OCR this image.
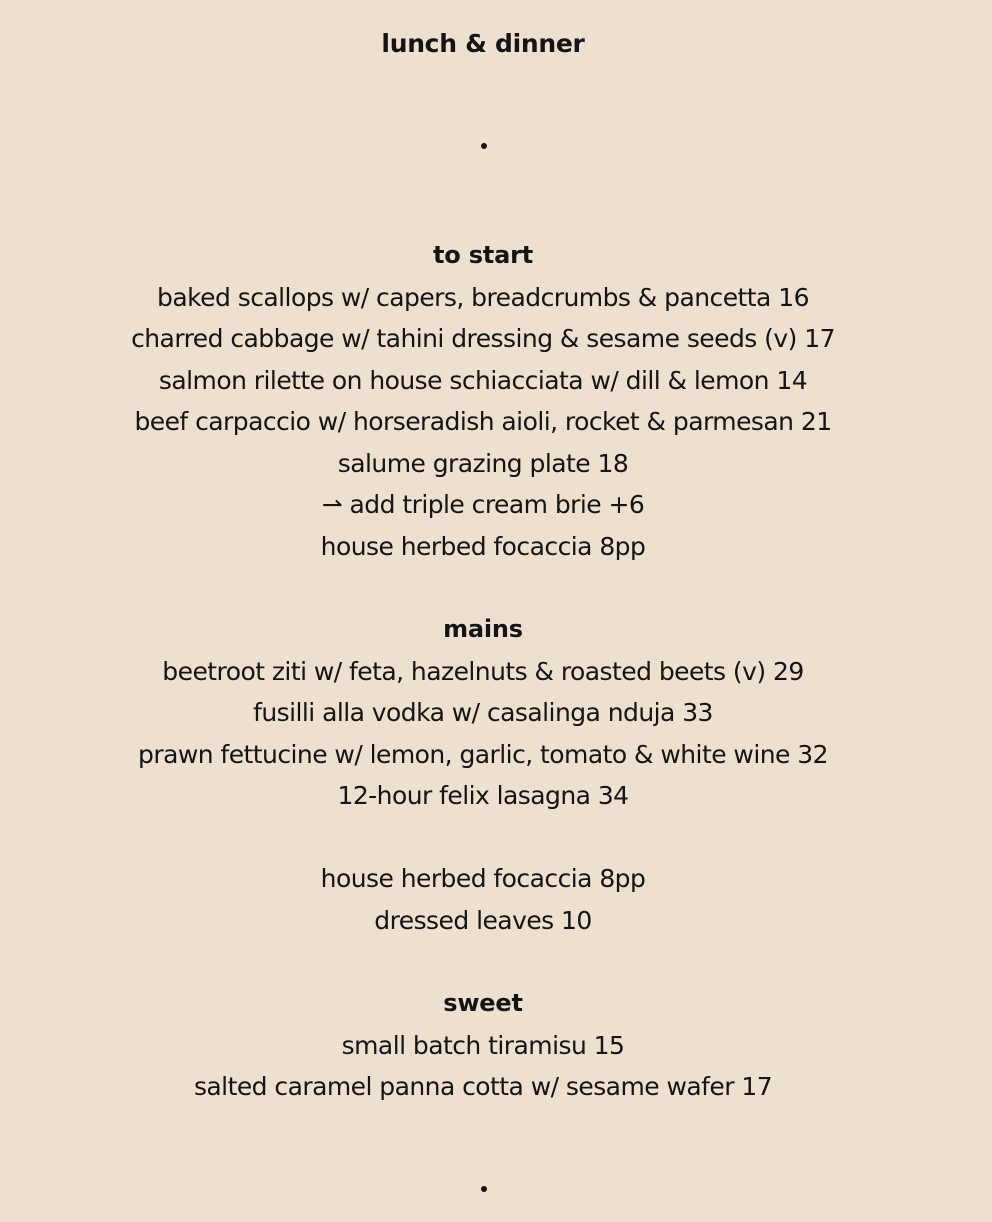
lunch & dinner
to start
baked scallops w/ capers, breadcrumbs & pancetta 16
charred cabbage w/ tahini dressing & sesame seeds (v) 17
salmon rilette on house schiacciata w/ dill & lemon 14
beef carpaccio w/ horseradish aioli, rocket & parmesan 21
salume grazing plate 18
⇀ add triple cream brie +6
house herbed focaccia 8pp
mains
beetroot ziti w/ feta, hazelnuts & roasted beets (v) 29
fusilli alla vodka w/ casalinga nduja 33
prawn fettucine w/ lemon, garlic, tomato & white wine 32
12-hour felix lasagna 34
house herbed focaccia 8pp
dressed leaves 10
sweet
small batch tiramisu 15
salted caramel panna cotta w/ sesame wafer 17
